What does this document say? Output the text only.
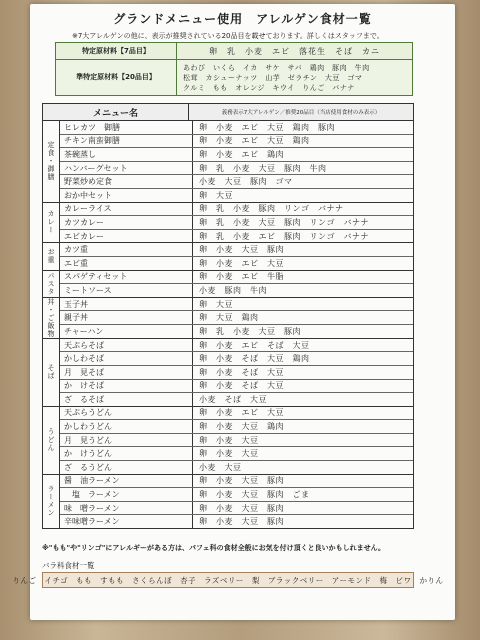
グランドメニュー使用　アレルゲン食材一覧
※7大アレルゲンの他に、表示が推奨されている20品目を載せております。詳しくはスタッフまで。
特定原材料【7品目】	卵　乳　小麦　エビ　落花生　そば　カニ
準特定原材料【20品目】
あわび　いくら　イカ　サケ　サバ　鶏肉　豚肉　牛肉
松茸　カシューナッツ　山芋　ゼラチン　大豆　ゴマ
クルミ　もも　オレンジ　キウイ　りんご　バナナ
メニュー名	義務表示7大アレルゲン／推奨20品目（当店使用食材のみ表示）
定食・御膳
ヒレカツ　御膳	卵　小麦　エビ　大豆　鶏肉　豚肉
チキン南蛮御膳	卵　小麦　エビ　大豆　鶏肉
茶碗蒸し	卵　小麦　エビ　鶏肉
ハンバーグセット	卵　乳　小麦　大豆　豚肉　牛肉
野菜炒め定食	小麦　大豆　豚肉　ゴマ
おか中セット	卵　大豆
カレー
カレーライス	卵　乳　小麦　豚肉　リンゴ　バナナ
カツカレー	卵　乳　小麦　大豆　豚肉　リンゴ　バナナ
エビカレー	卵　乳　小麦　エビ　豚肉　リンゴ　バナナ
お重	カツ重	卵　小麦　大豆　豚肉
エビ重	卵　小麦　エビ　大豆
パスタ	スパゲティセット	卵　小麦　エビ　牛脂
ミートソース	小麦　豚肉　牛肉
丼・ご飯物	玉子丼	卵　大豆
親子丼	卵　大豆　鶏肉
チャーハン	卵　乳　小麦　大豆　豚肉
そば
天ぷらそば	卵　小麦　エビ　そば　大豆
かしわそば	卵　小麦　そば　大豆　鶏肉
月　見そば	卵　小麦　そば　大豆
か　けそば	卵　小麦　そば　大豆
ざ　るそば	小麦　そば　大豆
うどん
天ぷらうどん	卵　小麦　エビ　大豆
かしわうどん	卵　小麦　大豆　鶏肉
月　見うどん	卵　小麦　大豆
か　けうどん	卵　小麦　大豆
ざ　るうどん	小麦　大豆
ラーメン
醤　油ラーメン	卵　小麦　大豆　豚肉
　塩　ラーメン	卵　小麦　大豆　豚肉　ごま
味　噌ラーメン	卵　小麦　大豆　豚肉
辛味噌ラーメン	卵　小麦　大豆　豚肉
※"もも"や"リンゴ"にアレルギーがある方は、パフェ科の食材全般にお気を付け頂くと良いかもしれません。
バラ科食材一覧
りんご　イチゴ　もも　すもも　さくらんぼ　杏子　ラズベリー　梨　ブラックベリー　アーモンド　梅　ビワ　かりん
